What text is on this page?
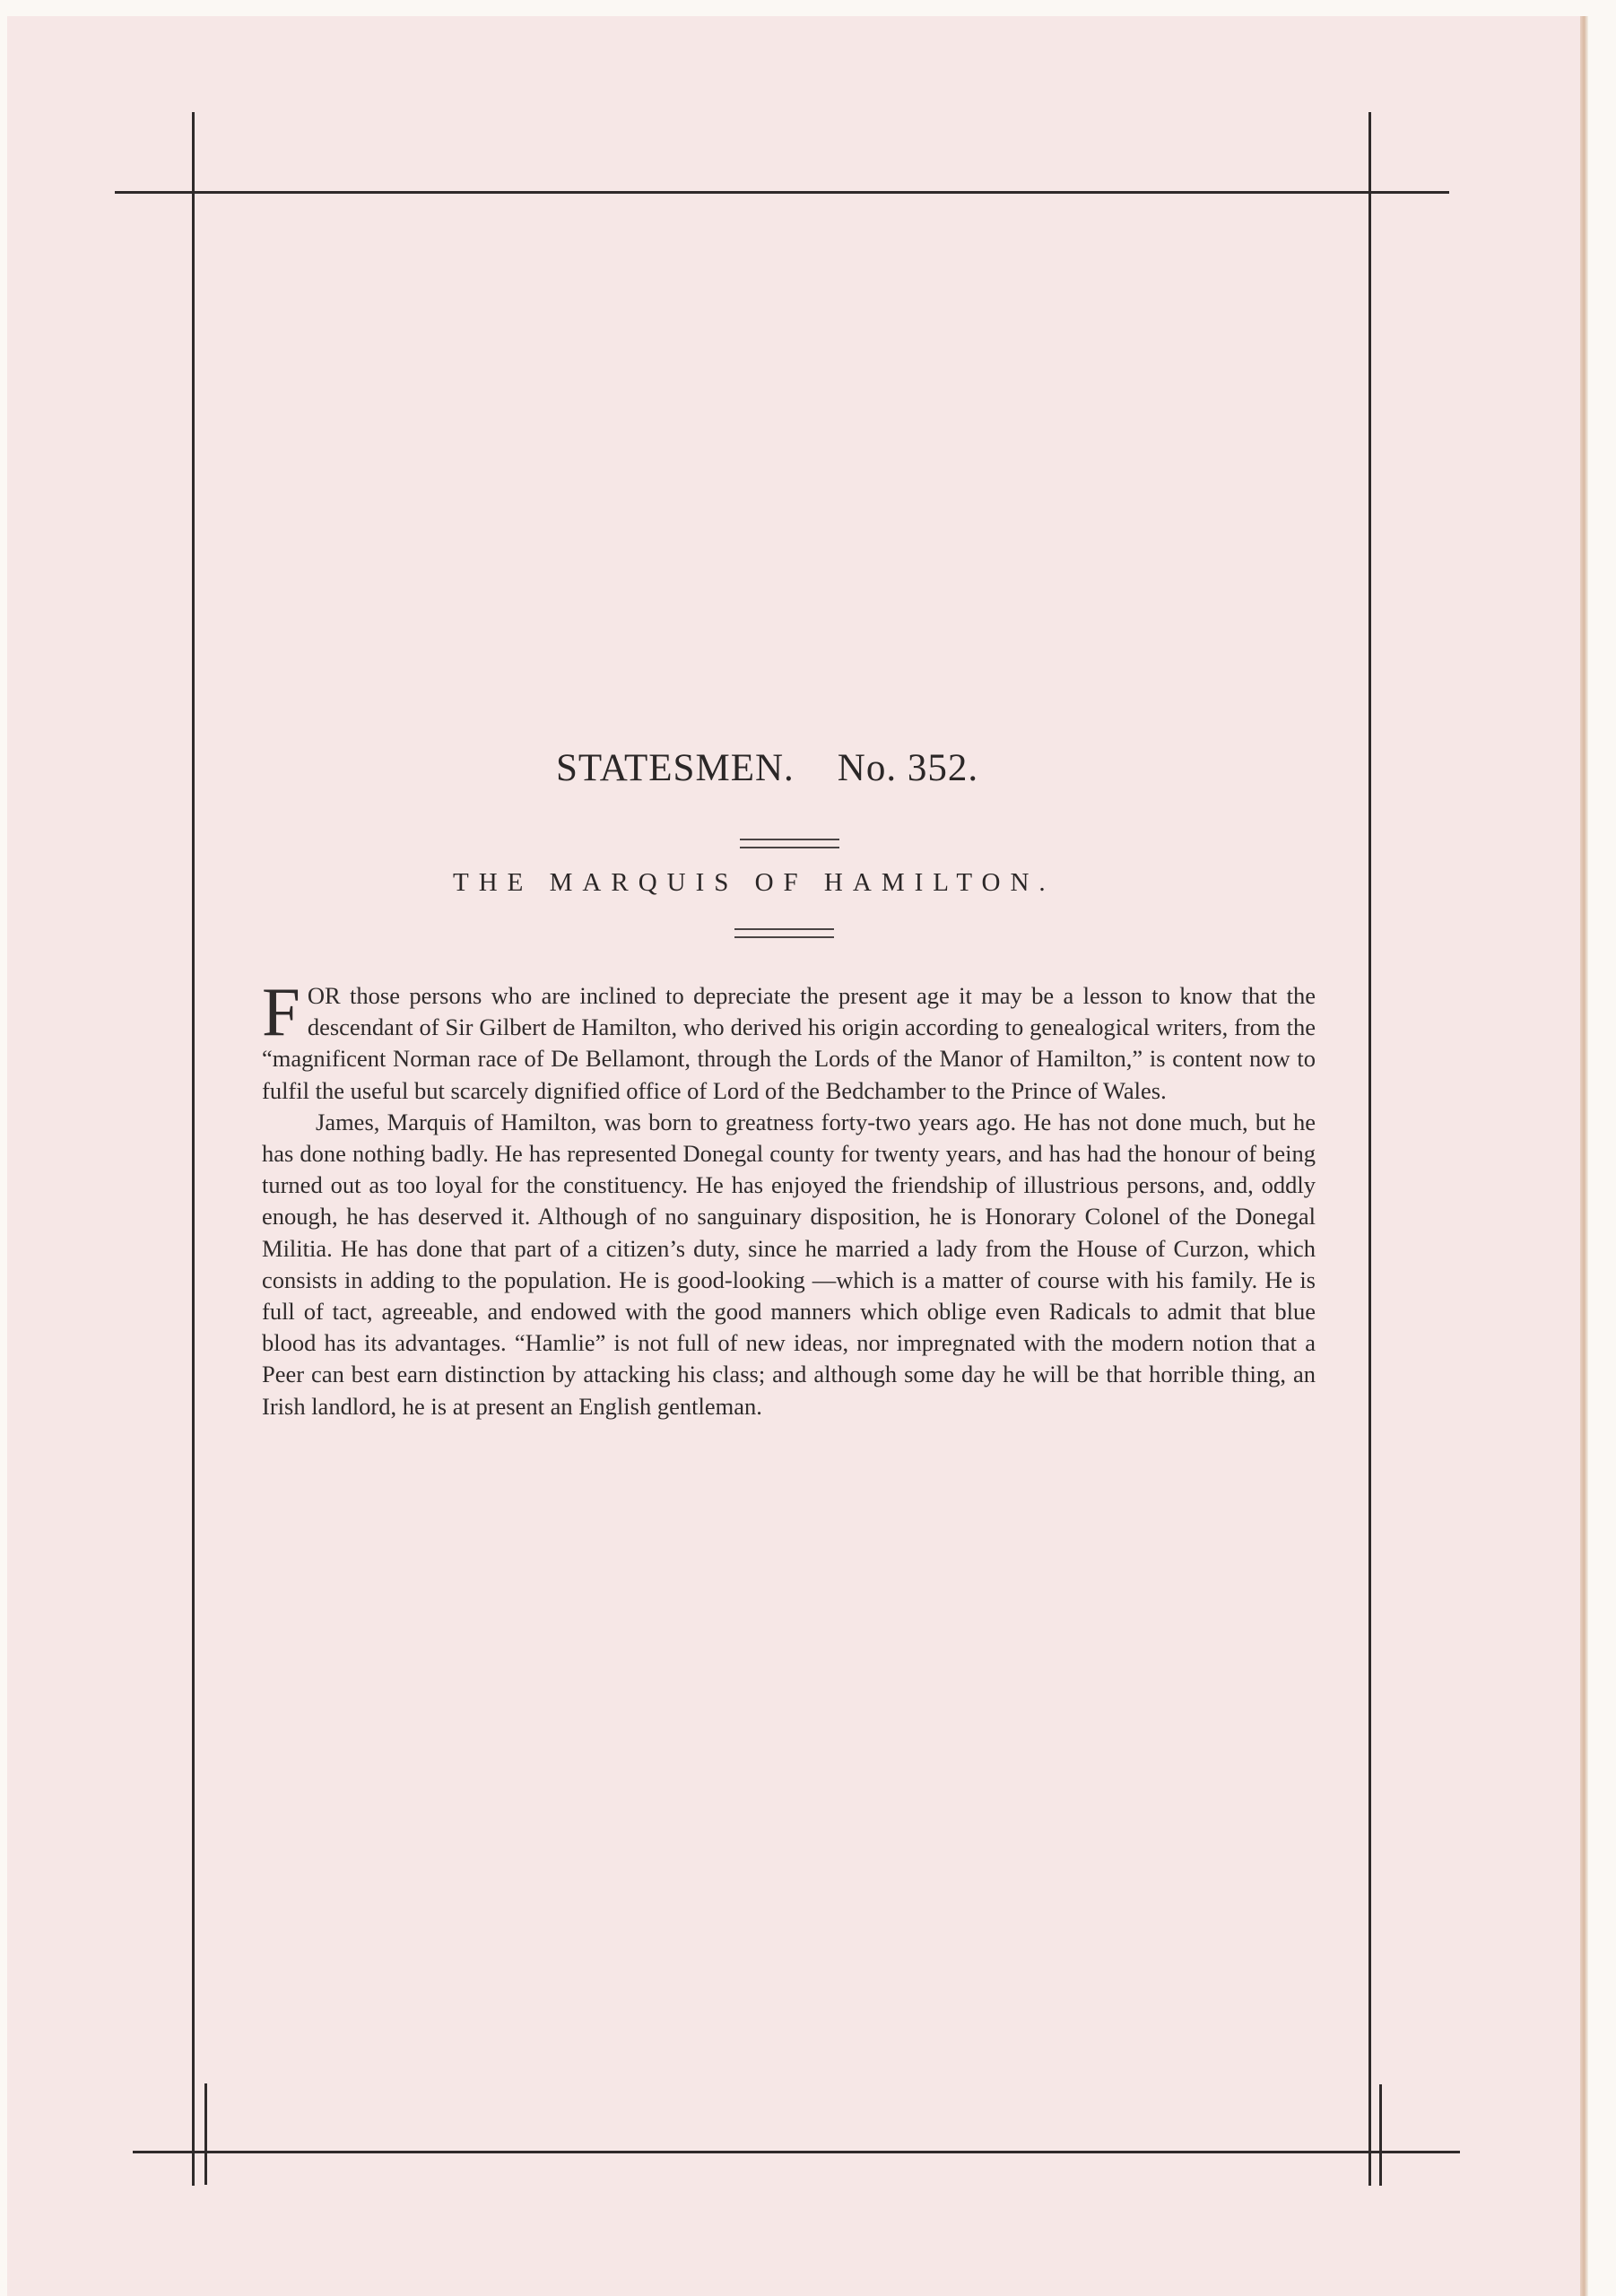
STATESMEN. No. 352.
THE MARQUIS OF HAMILTON.

FOR those persons who are inclined to depreciate the present age it may be a lesson to know that the descendant of Sir Gilbert de Hamilton, who derived his origin according to genealogical writers, from the “magnificent Norman race of De Bellamont, through the Lords of the Manor of Hamilton,” is content now to fulfil the useful but scarcely dignified office of Lord of the Bedchamber to the Prince of Wales.

James, Marquis of Hamilton, was born to greatness forty-two years ago. He has not done much, but he has done nothing badly. He has represented Donegal county for twenty years, and has had the honour of being turned out as too loyal for the constituency. He has enjoyed the friendship of illustrious persons, and, oddly enough, he has deserved it. Although of no sanguinary disposition, he is Honorary Colonel of the Donegal Militia. He has done that part of a citizen’s duty, since he married a lady from the House of Curzon, which consists in adding to the population. He is good-looking —which is a matter of course with his family. He is full of tact, agreeable, and endowed with the good manners which oblige even Radicals to admit that blue blood has its advantages. “Hamlie” is not full of new ideas, nor impregnated with the modern notion that a Peer can best earn distinction by attacking his class; and although some day he will be that horrible thing, an Irish landlord, he is at present an English gentleman.
